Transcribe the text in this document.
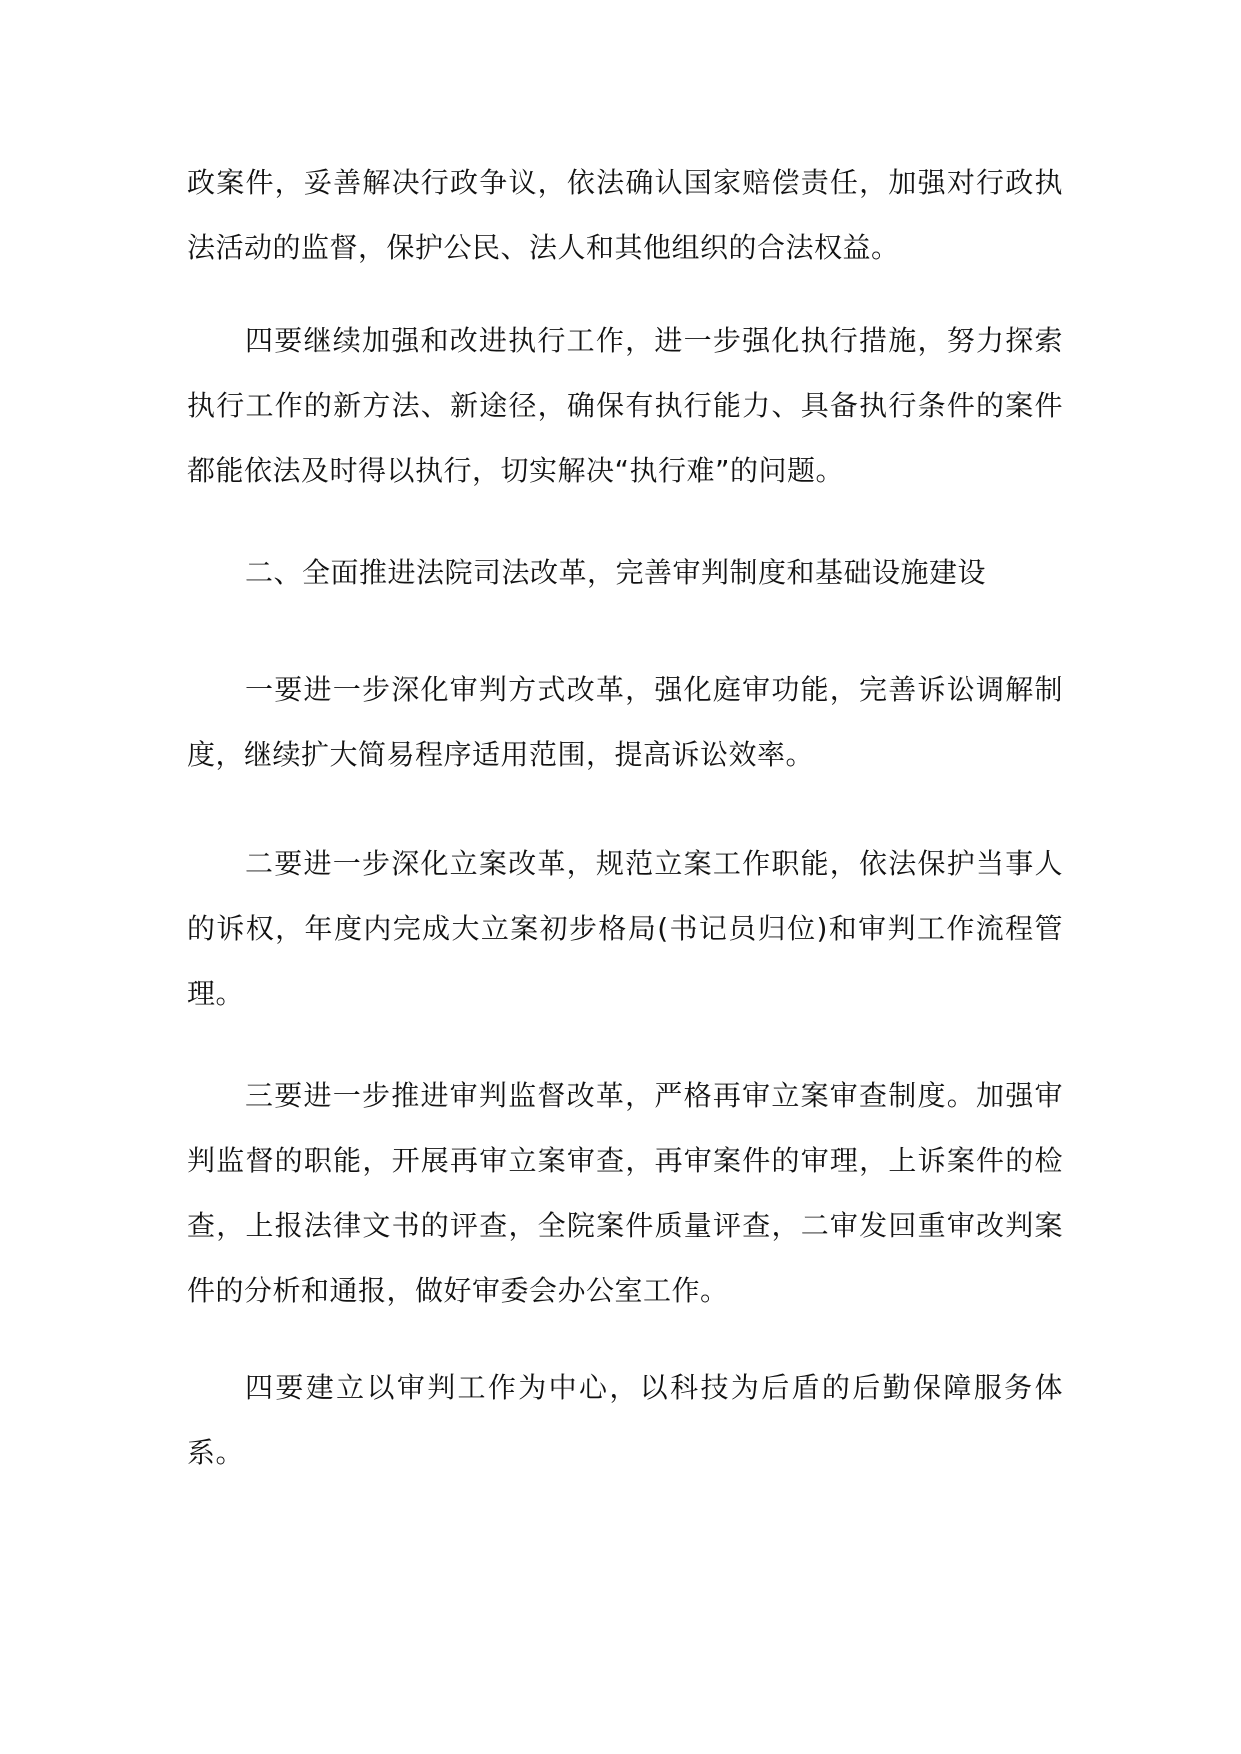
政案件，妥善解决行政争议，依法确认国家赔偿责任，加强对行政执法活动的监督，保护公民、法人和其他组织的合法权益。

四要继续加强和改进执行工作，进一步强化执行措施，努力探索执行工作的新方法、新途径，确保有执行能力、具备执行条件的案件都能依法及时得以执行，切实解决“执行难”的问题。

二、全面推进法院司法改革，完善审判制度和基础设施建设

一要进一步深化审判方式改革，强化庭审功能，完善诉讼调解制度，继续扩大简易程序适用范围，提高诉讼效率。

二要进一步深化立案改革，规范立案工作职能，依法保护当事人的诉权，年度内完成大立案初步格局(书记员归位)和审判工作流程管理。

三要进一步推进审判监督改革，严格再审立案审查制度。加强审判监督的职能，开展再审立案审查，再审案件的审理，上诉案件的检查，上报法律文书的评查，全院案件质量评查，二审发回重审改判案件的分析和通报，做好审委会办公室工作。

四要建立以审判工作为中心，以科技为后盾的后勤保障服务体系。
